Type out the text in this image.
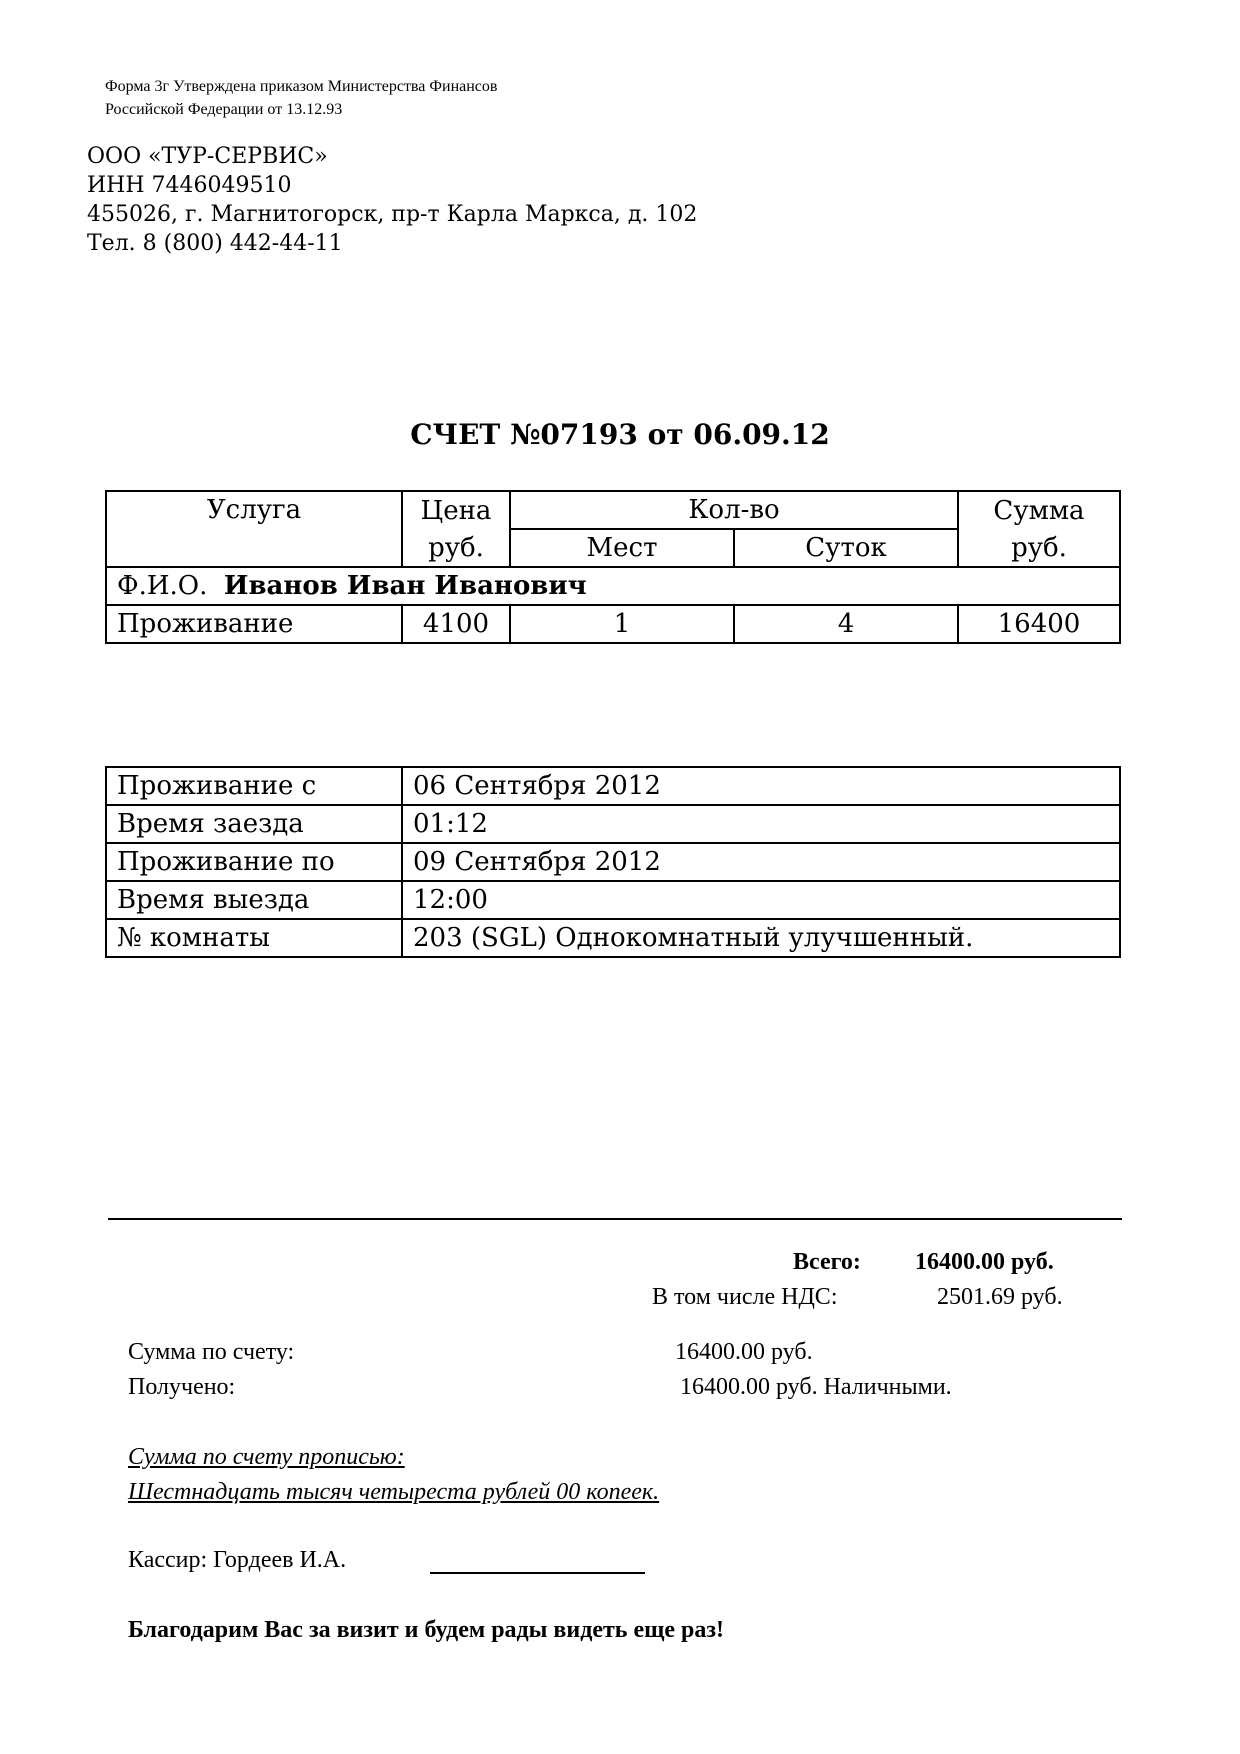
Форма 3г Утверждена приказом Министерства Финансов
Российской Федерации от 13.12.93
ООО «ТУР-СЕРВИС»
ИНН 7446049510
455026, г. Магнитогорск, пр-т Карла Маркса, д. 102
Тел. 8 (800) 442-44-11
СЧЕТ №07193 от 06.09.12
Услуга	Цена	Кол-во		Сумма
	руб.	Мест	Суток	руб.
Ф.И.О. Иванов Иван Иванович				
Проживание	4100	1	4	16400
Проживание с	06 Сентября 2012
Время заезда	01:12
Проживание по	09 Сентября 2012
Время выезда	12:00
№ комнаты	203 (SGL) Однокомнатный улучшенный.
Всего: 16400.00 руб.
В том числе НДС:	2501.69 руб.
Сумма по счету:	16400.00 руб.
Получено:	16400.00 руб. Наличными.
Сумма по счету прописью:
Шестнадцать тысяч четыреста рублей 00 копеек.
Кассир: Гордеев И.А.
Благодарим Вас за визит и будем рады видеть еще раз!
